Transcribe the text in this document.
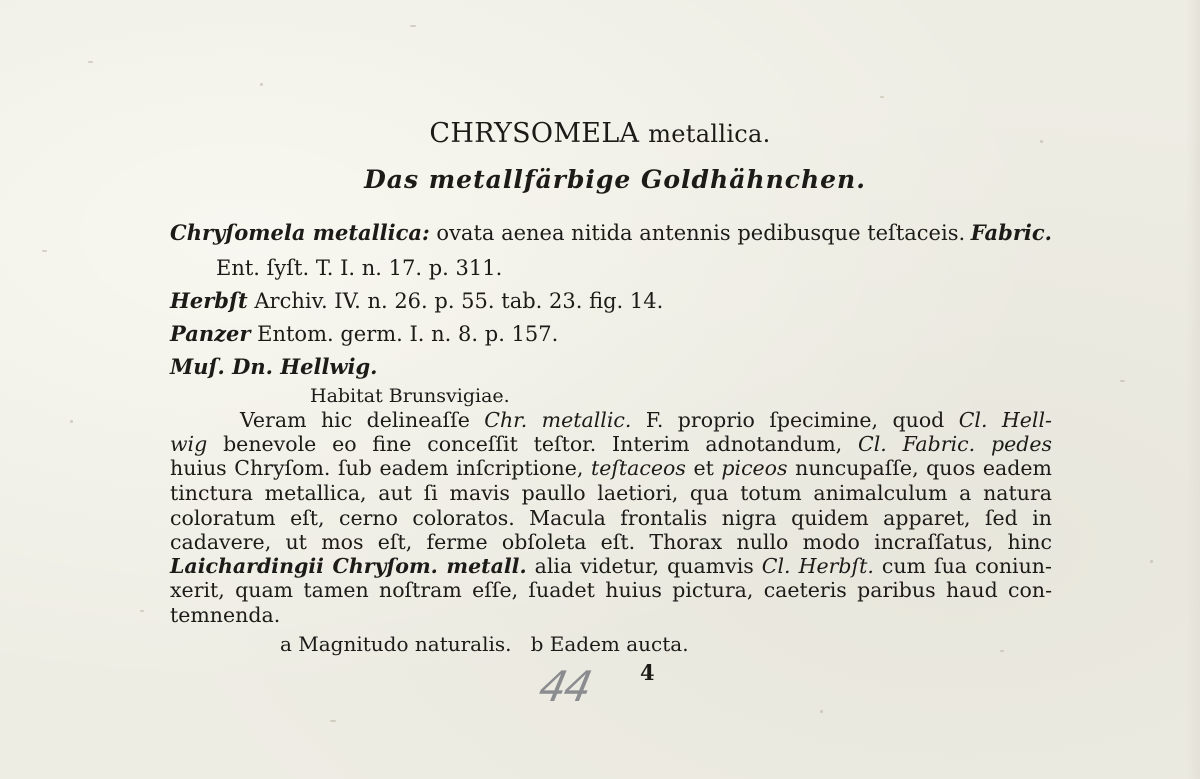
CHRYSOMELA metallica.
Das metallfärbige Goldhähnchen.
Chryſomela metallica: ovata aenea nitida antennis pedibusque teſtaceis. Fabric.
Ent. ſyſt. T. I. n. 17. p. 311.
Herbſt Archiv. IV. n. 26. p. 55. tab. 23. fig. 14.
Panzer Entom. germ. I. n. 8. p. 157.
Muſ. Dn. Hellwig.
Habitat Brunsvigiae.
Veram hic delineaſſe Chr. metallic. F. proprio ſpecimine, quod Cl. Hell-
wig benevole eo fine conceſſit teſtor. Interim adnotandum, Cl. Fabric. pedes
huius Chryſom. ſub eadem inſcriptione, teſtaceos et piceos nuncupaſſe, quos eadem
tinctura metallica, aut ſi mavis paullo laetiori, qua totum animalculum a natura
coloratum eſt, cerno coloratos. Macula frontalis nigra quidem apparet, ſed in
cadavere, ut mos eſt, ferme obſoleta eſt. Thorax nullo modo incraſſatus, hinc
Laichardingii Chryſom. metall. alia videtur, quamvis Cl. Herbſt. cum ſua coniun-
xerit, quam tamen noſtram eſſe, ſuadet huius pictura, caeteris paribus haud con-
temnenda.
a Magnitudo naturalis.   b Eadem aucta.
44 4
